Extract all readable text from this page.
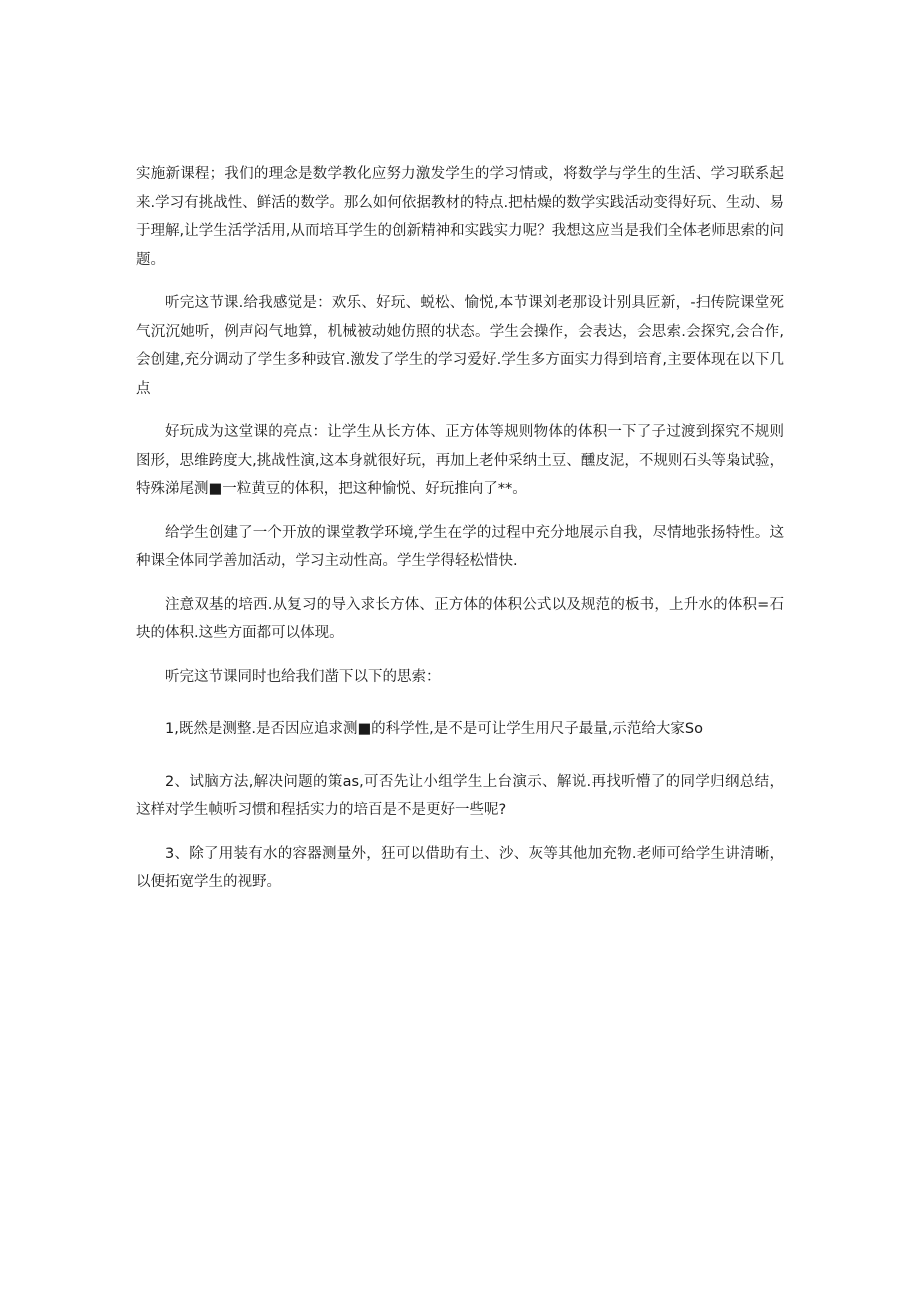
实施新课程；我们的理念是数学教化应努力激发学生的学习情或，将数学与学生的生活、学习联系起来.学习有挑战性、鲜活的数学。那么如何依据教材的特点.把枯燥的数学实践活动变得好玩、生动、易于理解,让学生活学活用,从而培耳学生的创新精神和实践实力呢？我想这应当是我们全体老师思索的问题。

听完这节课.给我感觉是：欢乐、好玩、蜕松、愉悦,本节课刘老那设计别具匠新，-扫传院课堂死气沉沉她听，例声闷气地算，机械被动她仿照的状态。学生会操作，会表达，会思索.会探究,会合作,会创建,充分调动了学生多种豉官.激发了学生的学习爱好.学生多方面实力得到培育,主要体现在以下几点

好玩成为这堂课的亮点：让学生从长方体、正方体等规则物体的体积一下了子过渡到探究不规则图形，思维跨度大,挑战性演,这本身就很好玩，再加上老仲采纳土豆、醺皮泥，不规则石头等枭试验，特殊涕尾测■一粒黄豆的体积，把这种愉悦、好玩推向了**。

给学生创建了一个开放的课堂教学环境,学生在学的过程中充分地展示自我，尽情地张扬特性。这种课全体同学善加活动，学习主动性高。学生学得轻松惜快.

注意双基的培西.从复习的导入求长方体、正方体的体积公式以及规范的板书，上升水的体积=石块的体积.这些方面都可以体现。

听完这节课同时也给我们凿下以下的思索：

1,既然是测整.是否因应追求测■的科学性,是不是可让学生用尺子最量,示范给大家So

2、试脑方法,解决问题的策as,可否先让小组学生上台演示、解说.再找听懵了的同学归纲总结，这样对学生帧听习惯和程括实力的培百是不是更好一些呢?

3、除了用装有水的容器测量外，狂可以借助有土、沙、灰等其他加充物.老师可给学生讲清晰，以便拓宽学生的视野。
